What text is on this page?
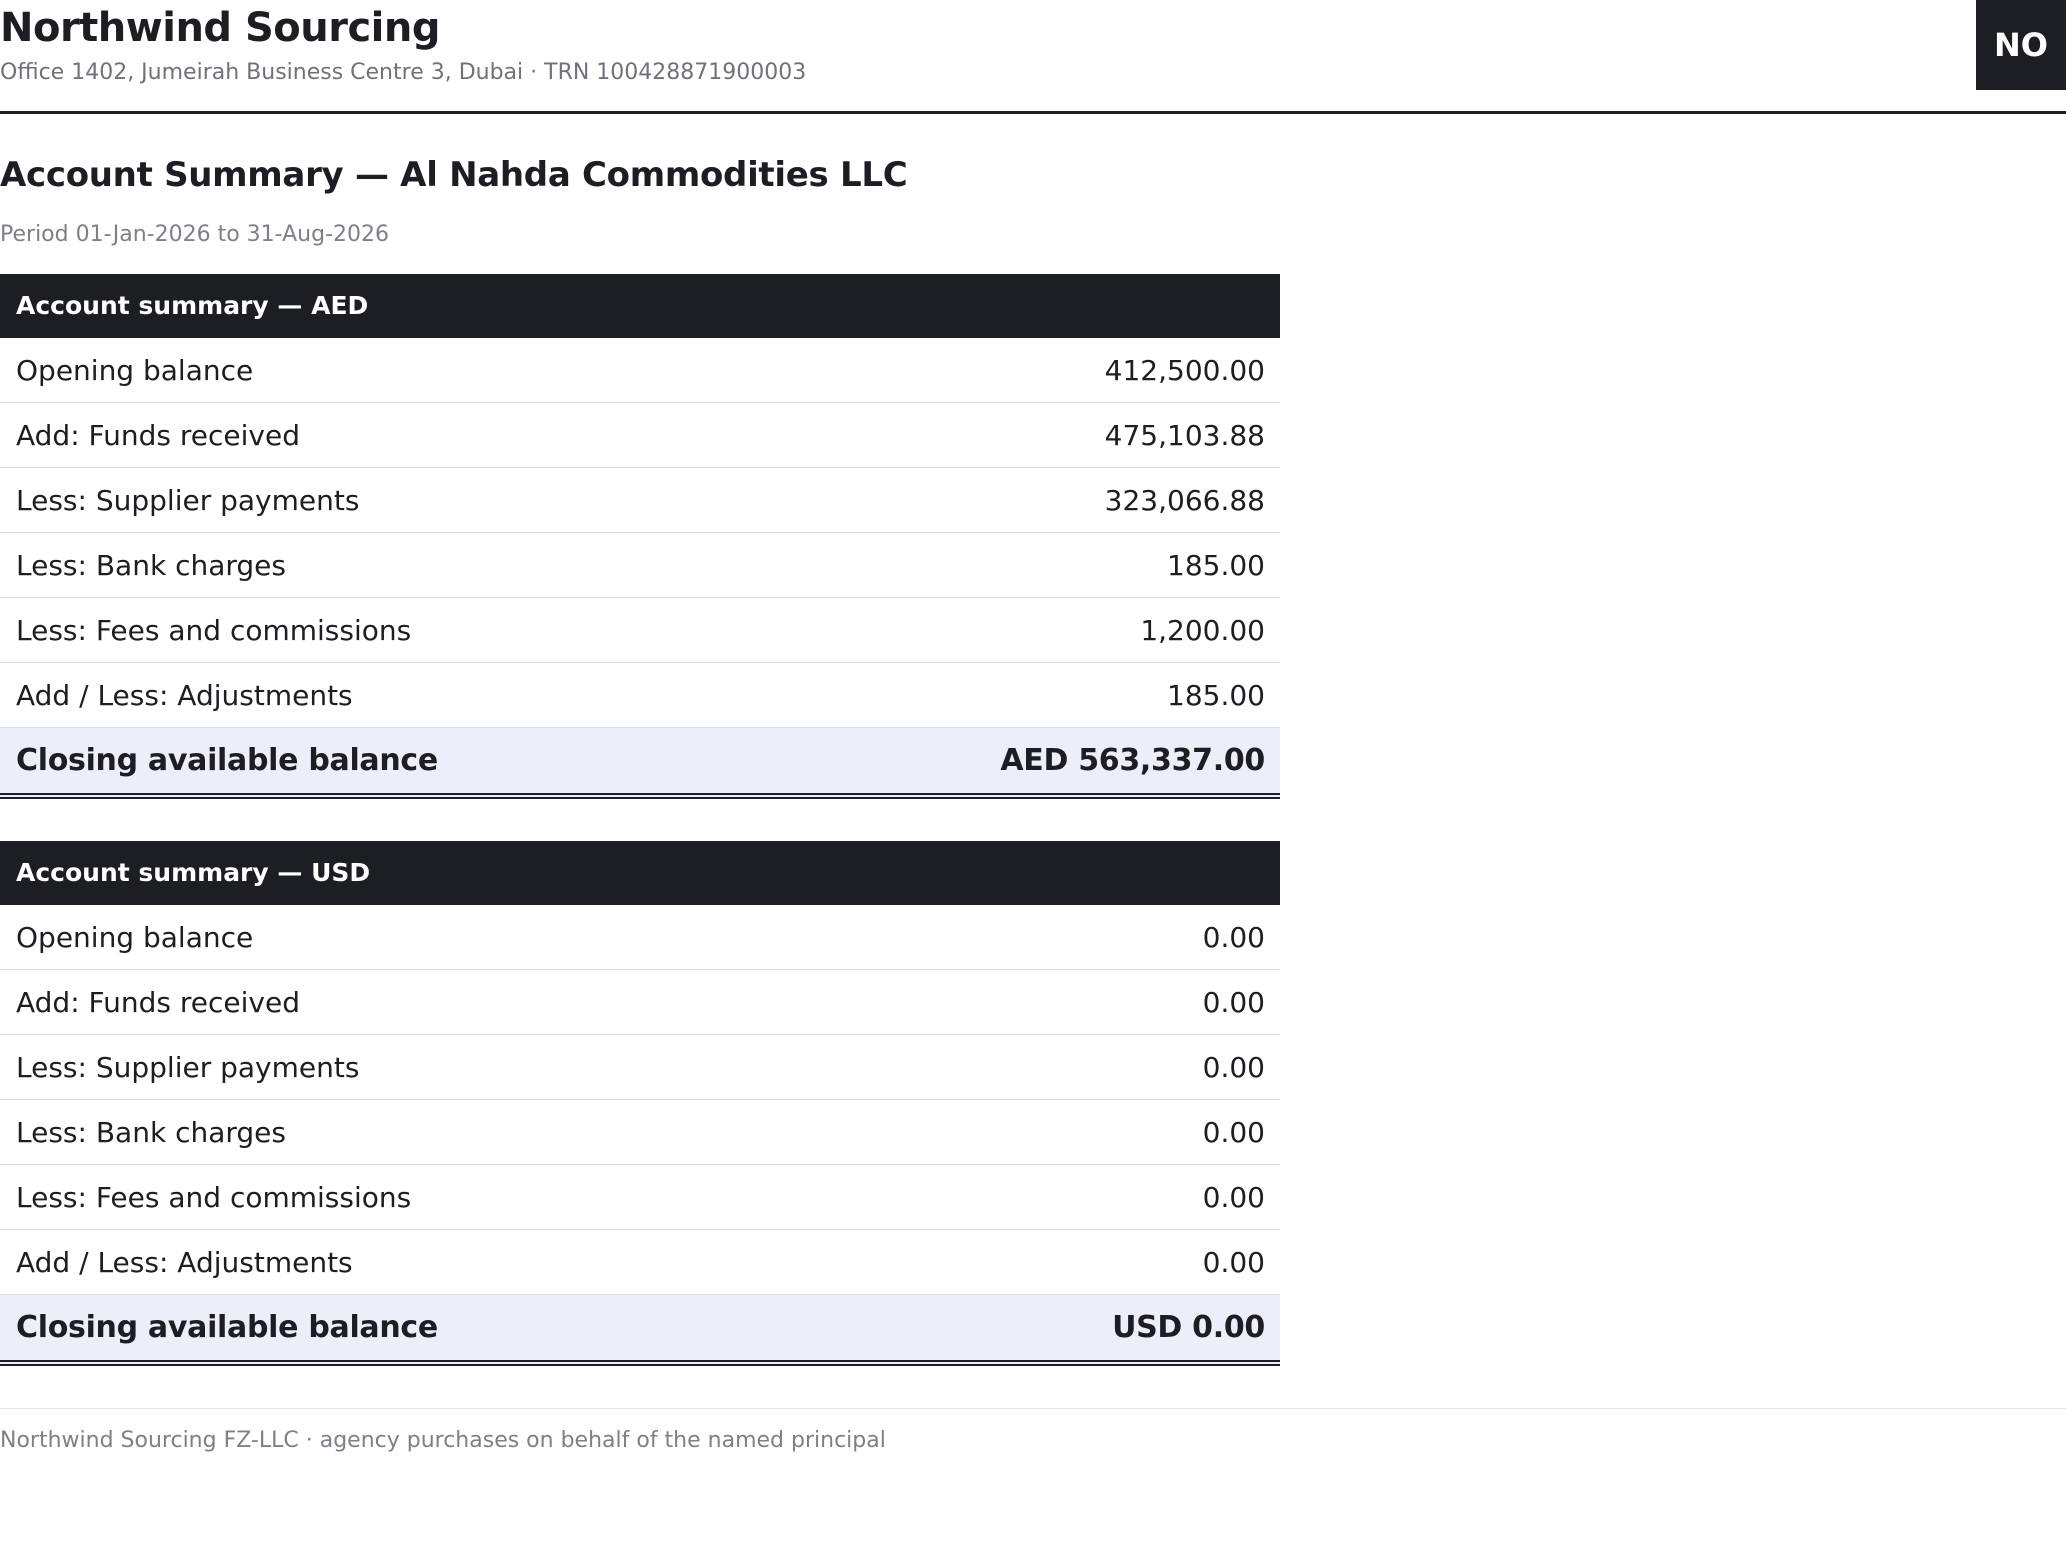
Northwind Sourcing
Office 1402, Jumeirah Business Centre 3, Dubai · TRN 100428871900003
NO
Account Summary — Al Nahda Commodities LLC
Period 01-Jan-2026 to 31-Aug-2026
Account summary — AED
Opening balance	412,500.00
Add: Funds received	475,103.88
Less: Supplier payments	323,066.88
Less: Bank charges	185.00
Less: Fees and commissions	1,200.00
Add / Less: Adjustments	185.00
Closing available balance	AED 563,337.00
Account summary — USD
Opening balance	0.00
Add: Funds received	0.00
Less: Supplier payments	0.00
Less: Bank charges	0.00
Less: Fees and commissions	0.00
Add / Less: Adjustments	0.00
Closing available balance	USD 0.00
Northwind Sourcing FZ-LLC · agency purchases on behalf of the named principal
